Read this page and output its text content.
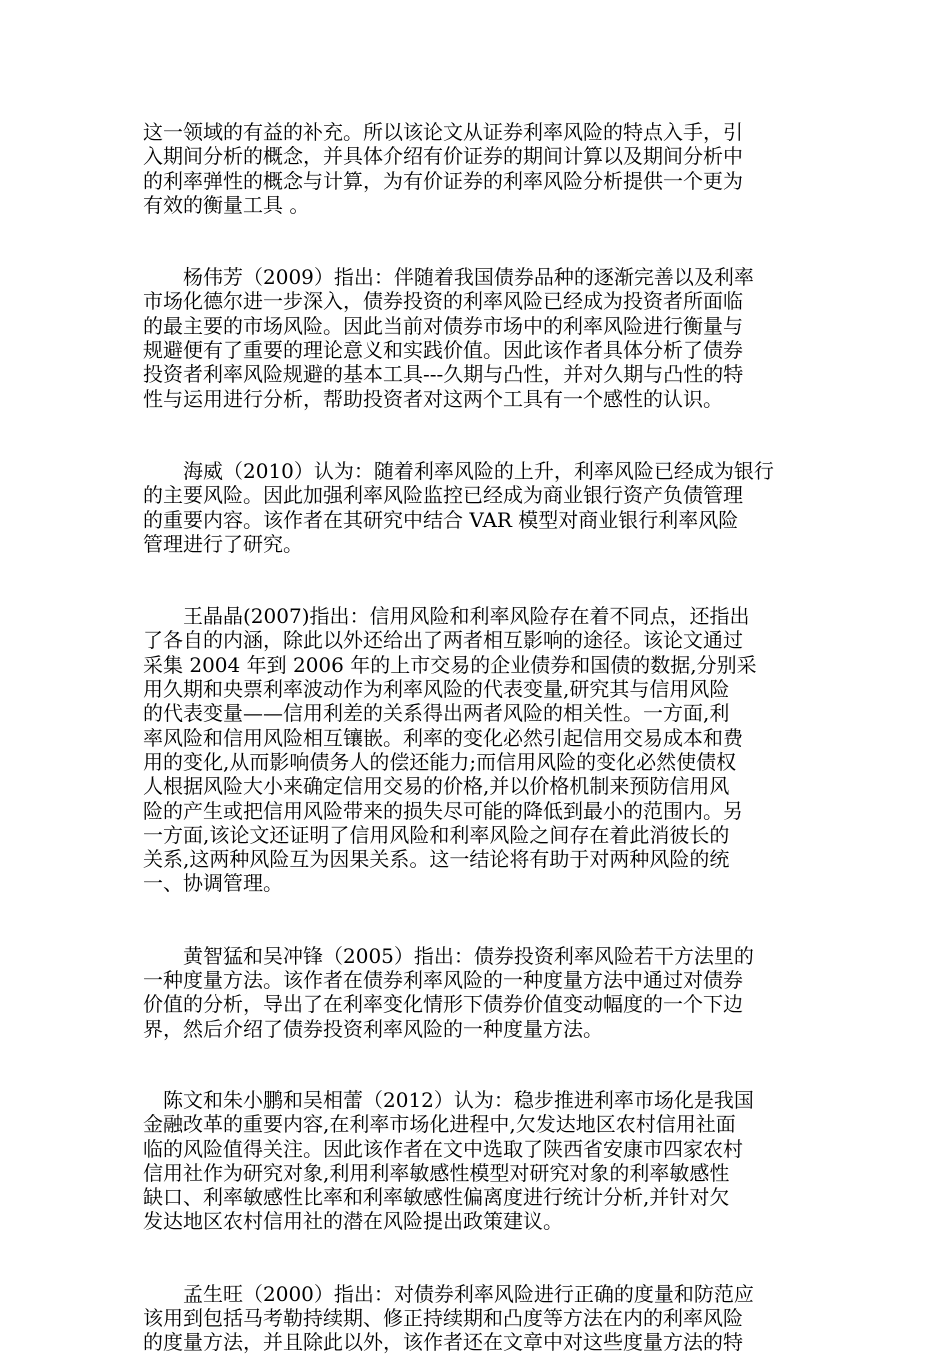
这一领域的有益的补充。所以该论文从证券利率风险的特点入手，引
入期间分析的概念，并具体介绍有价证券的期间计算以及期间分析中
的利率弹性的概念与计算，为有价证券的利率风险分析提供一个更为
有效的衡量工具 。

　　杨伟芳（2009）指出：伴随着我国债券品种的逐渐完善以及利率
市场化德尔进一步深入，债券投资的利率风险已经成为投资者所面临
的最主要的市场风险。因此当前对债券市场中的利率风险进行衡量与
规避便有了重要的理论意义和实践价值。因此该作者具体分析了债券
投资者利率风险规避的基本工具---久期与凸性，并对久期与凸性的特
性与运用进行分析，帮助投资者对这两个工具有一个感性的认识。

　　海威（2010）认为：随着利率风险的上升，利率风险已经成为银行
的主要风险。因此加强利率风险监控已经成为商业银行资产负债管理
的重要内容。该作者在其研究中结合 VAR 模型对商业银行利率风险
管理进行了研究。

　　王晶晶(2007)指出：信用风险和利率风险存在着不同点，还指出
了各自的内涵，除此以外还给出了两者相互影响的途径。该论文通过
采集 2004 年到 2006 年的上市交易的企业债券和国债的数据,分别采
用久期和央票利率波动作为利率风险的代表变量,研究其与信用风险
的代表变量——信用利差的关系得出两者风险的相关性。一方面,利
率风险和信用风险相互镶嵌。利率的变化必然引起信用交易成本和费
用的变化,从而影响债务人的偿还能力;而信用风险的变化必然使债权
人根据风险大小来确定信用交易的价格,并以价格机制来预防信用风
险的产生或把信用风险带来的损失尽可能的降低到最小的范围内。另
一方面,该论文还证明了信用风险和利率风险之间存在着此消彼长的
关系,这两种风险互为因果关系。这一结论将有助于对两种风险的统
一、协调管理。

　　黄智猛和吴冲锋（2005）指出：债券投资利率风险若干方法里的
一种度量方法。该作者在债券利率风险的一种度量方法中通过对债券
价值的分析，导出了在利率变化情形下债券价值变动幅度的一个下边
界，然后介绍了债券投资利率风险的一种度量方法。

　陈文和朱小鹏和吴相蕾（2012）认为：稳步推进利率市场化是我国
金融改革的重要内容,在利率市场化进程中,欠发达地区农村信用社面
临的风险值得关注。因此该作者在文中选取了陕西省安康市四家农村
信用社作为研究对象,利用利率敏感性模型对研究对象的利率敏感性
缺口、利率敏感性比率和利率敏感性偏离度进行统计分析,并针对欠
发达地区农村信用社的潜在风险提出政策建议。

　　孟生旺（2000）指出：对债券利率风险进行正确的度量和防范应
该用到包括马考勒持续期、修正持续期和凸度等方法在内的利率风险
的度量方法，并且除此以外，该作者还在文章中对这些度量方法的特
